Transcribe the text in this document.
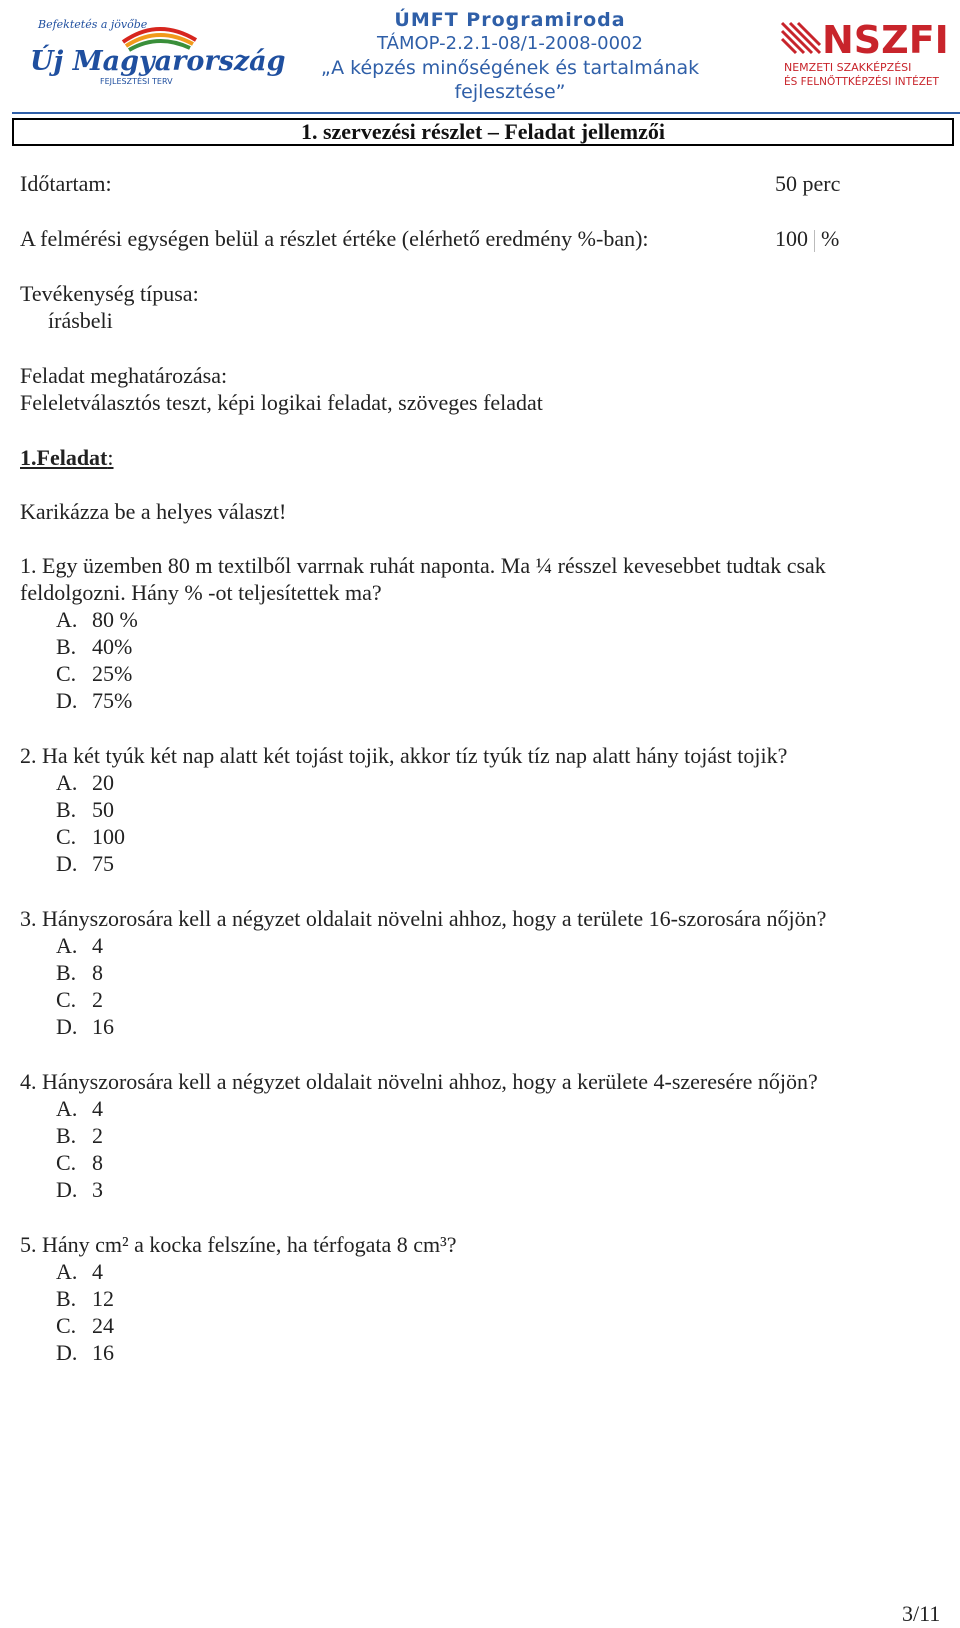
Befektetés a jövőbe
Új Magyarország
FEJLESZTÉSI TERV
ÚMFT Programiroda
TÁMOP-2.2.1-08/1-2008-0002
„A képzés minőségének és tartalmának
fejlesztése”
NSZFI
NEMZETI SZAKKÉPZÉSI
ÉS FELNŐTTKÉPZÉSI INTÉZET
1. szervezési részlet – Feladat jellemzői
Időtartam:	50 perc
A felmérési egységen belül a részlet értéke (elérhető eredmény %-ban):	100 %
Tevékenység típusa:
írásbeli
Feladat meghatározása:
Feleletválasztós teszt, képi logikai feladat, szöveges feladat
1.Feladat:
Karikázza be a helyes választ!
1. Egy üzemben 80 m textilből varrnak ruhát naponta. Ma ¼ résszel kevesebbet tudtak csak
feldolgozni. Hány % -ot teljesítettek ma?
A. 80 %
B. 40%
C. 25%
D. 75%
2. Ha két tyúk két nap alatt két tojást tojik, akkor tíz tyúk tíz nap alatt hány tojást tojik?
A. 20
B. 50
C. 100
D. 75
3. Hányszorosára kell a négyzet oldalait növelni ahhoz, hogy a területe 16-szorosára nőjön?
A. 4
B. 8
C. 2
D. 16
4. Hányszorosára kell a négyzet oldalait növelni ahhoz, hogy a kerülete 4-szeresére nőjön?
A. 4
B. 2
C. 8
D. 3
5. Hány cm² a kocka felszíne, ha térfogata 8 cm³?
A. 4
B. 12
C. 24
D. 16
3/11
